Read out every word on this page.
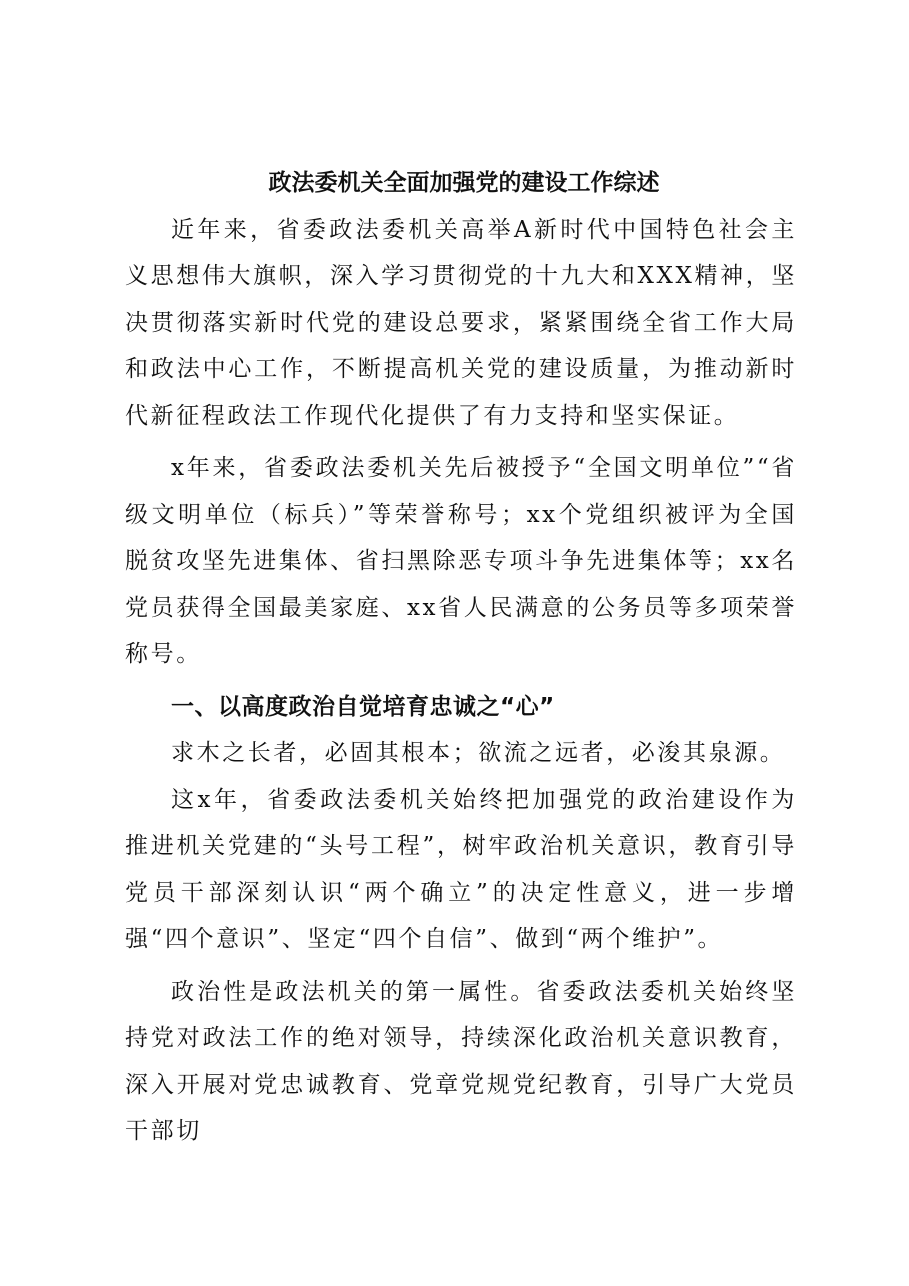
政法委机关全面加强党的建设工作综述

近年来，省委政法委机关高举A新时代中国特色社会主义思想伟大旗帜，深入学习贯彻党的十九大和XXX精神，坚决贯彻落实新时代党的建设总要求，紧紧围绕全省工作大局和政法中心工作，不断提高机关党的建设质量，为推动新时代新征程政法工作现代化提供了有力支持和坚实保证。

x年来，省委政法委机关先后被授予“全国文明单位”“省级文明单位（标兵）”等荣誉称号；xx个党组织被评为全国脱贫攻坚先进集体、省扫黑除恶专项斗争先进集体等；xx名党员获得全国最美家庭、xx省人民满意的公务员等多项荣誉称号。

一、以高度政治自觉培育忠诚之“心”

求木之长者，必固其根本；欲流之远者，必浚其泉源。

这x年，省委政法委机关始终把加强党的政治建设作为推进机关党建的“头号工程”，树牢政治机关意识，教育引导党员干部深刻认识“两个确立”的决定性意义，进一步增强“四个意识”、坚定“四个自信”、做到“两个维护”。

政治性是政法机关的第一属性。省委政法委机关始终坚持党对政法工作的绝对领导，持续深化政治机关意识教育，深入开展对党忠诚教育、党章党规党纪教育，引导广大党员干部切
